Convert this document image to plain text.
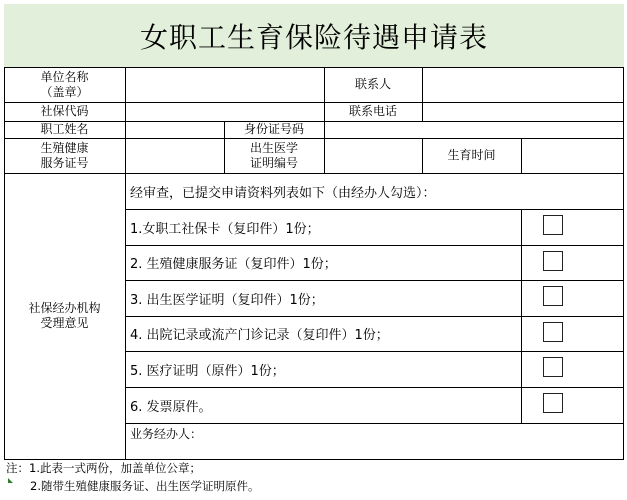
女职工生育保险待遇申请表
单位名称
（盖章）
联系人
社保代码	联系电话
职工姓名	身份证号码
生殖健康
服务证号
出生医学
证明编号
生育时间
社保经办机构
受理意见
经审查，已提交申请资料列表如下（由经办人勾选）：
1.女职工社保卡（复印件）1份；
2. 生殖健康服务证（复印件）1份；
3. 出生医学证明（复印件）1份；
4. 出院记录或流产门诊记录（复印件）1份；
5. 医疗证明（原件）1份；
6. 发票原件。
业务经办人：
注：1.此表一式两份，加盖单位公章；
2.随带生殖健康服务证、出生医学证明原件。
